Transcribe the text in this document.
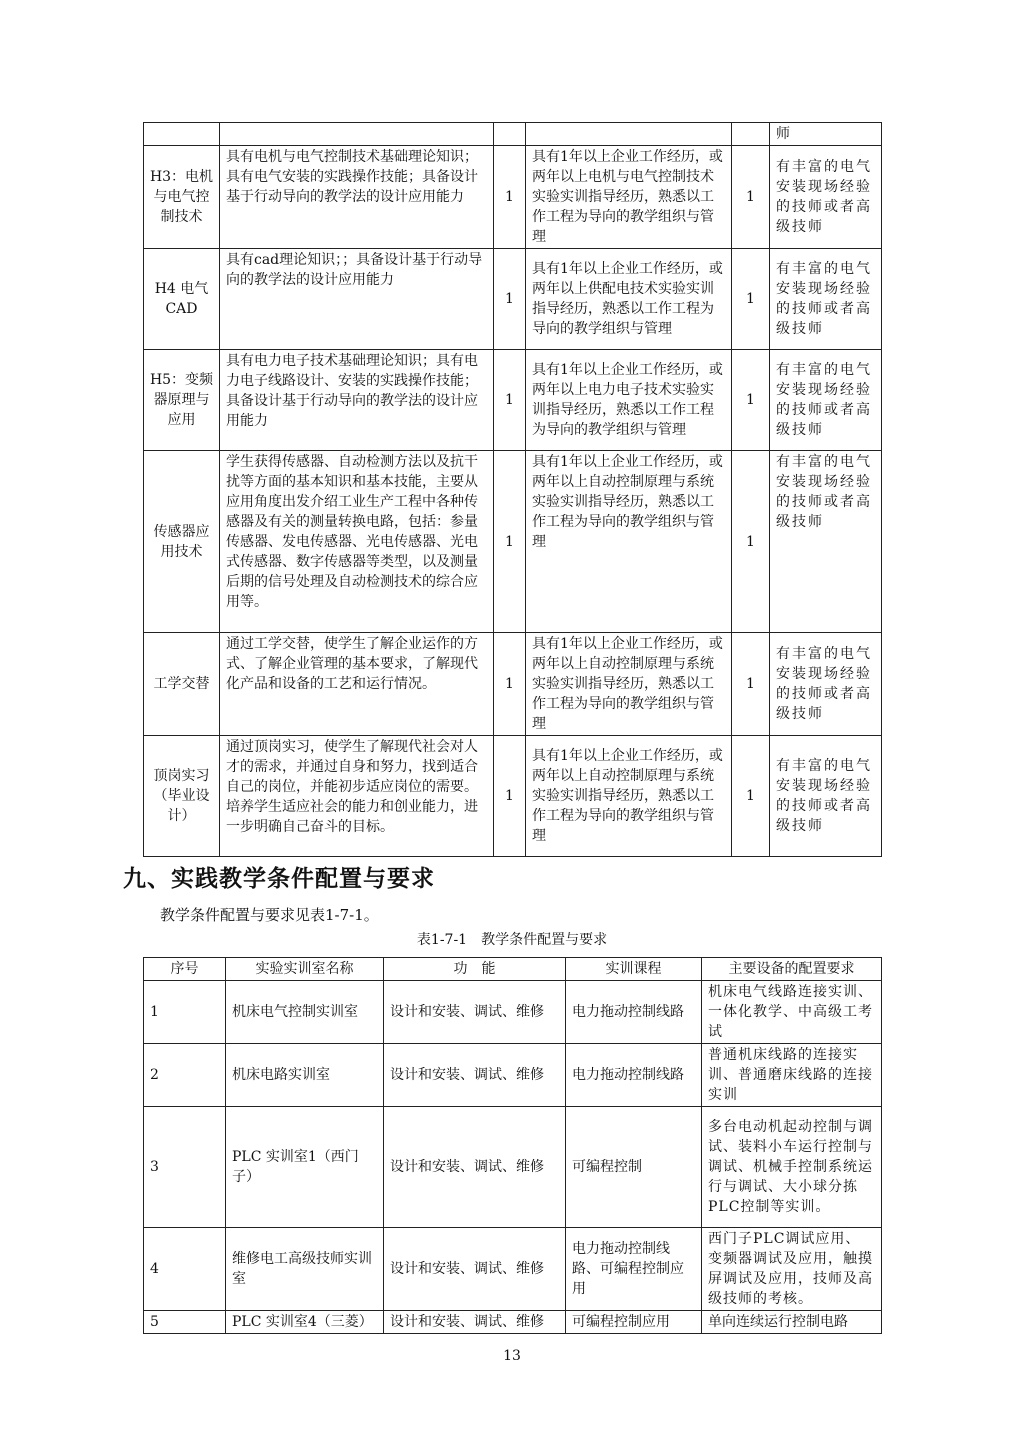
					师
H3：电机与电气控制技术	具有电机与电气控制技术基础理论知识；具有电气安装的实践操作技能；具备设计基于行动导向的教学法的设计应用能力	1	具有1年以上企业工作经历，或两年以上电机与电气控制技术实验实训指导经历，熟悉以工作工程为导向的教学组织与管理	1	有丰富的电气安装现场经验的技师或者高级技师
H4 电气CAD	具有cad理论知识；；具备设计基于行动导向的教学法的设计应用能力	1	具有1年以上企业工作经历，或两年以上供配电技术实验实训指导经历，熟悉以工作工程为导向的教学组织与管理	1	有丰富的电气安装现场经验的技师或者高级技师
H5：变频器原理与应用	具有电力电子技术基础理论知识；具有电力电子线路设计、安装的实践操作技能；具备设计基于行动导向的教学法的设计应用能力	1	具有1年以上企业工作经历，或两年以上电力电子技术实验实训指导经历，熟悉以工作工程为导向的教学组织与管理	1	有丰富的电气安装现场经验的技师或者高级技师
传感器应用技术	学生获得传感器、自动检测方法以及抗干扰等方面的基本知识和基本技能，主要从应用角度出发介绍工业生产工程中各种传感器及有关的测量转换电路，包括：参量传感器、发电传感器、光电传感器、光电式传感器、数字传感器等类型，以及测量后期的信号处理及自动检测技术的综合应用等。	1	具有1年以上企业工作经历，或两年以上自动控制原理与系统实验实训指导经历，熟悉以工作工程为导向的教学组织与管理	1	有丰富的电气安装现场经验的技师或者高级技师
工学交替	通过工学交替，使学生了解企业运作的方式、了解企业管理的基本要求，了解现代化产品和设备的工艺和运行情况。	1	具有1年以上企业工作经历，或两年以上自动控制原理与系统实验实训指导经历，熟悉以工作工程为导向的教学组织与管理	1	有丰富的电气安装现场经验的技师或者高级技师
顶岗实习（毕业设计）	通过顶岗实习，使学生了解现代社会对人才的需求，并通过自身和努力，找到适合自己的岗位，并能初步适应岗位的需要。培养学生适应社会的能力和创业能力，进一步明确自己奋斗的目标。	1	具有1年以上企业工作经历，或两年以上自动控制原理与系统实验实训指导经历，熟悉以工作工程为导向的教学组织与管理	1	有丰富的电气安装现场经验的技师或者高级技师
九、实践教学条件配置与要求

教学条件配置与要求见表1-7-1。

表1-7-1　教学条件配置与要求

序号	实验实训室名称	功　能	实训课程	主要设备的配置要求
1	机床电气控制实训室	设计和安装、调试、维修	电力拖动控制线路	机床电气线路连接实训、一体化教学、中高级工考试
2	机床电路实训室	设计和安装、调试、维修	电力拖动控制线路	普通机床线路的连接实训、普通磨床线路的连接实训
3	PLC 实训室1（西门子）	设计和安装、调试、维修	可编程控制	多台电动机起动控制与调试、装料小车运行控制与调试、机械手控制系统运行与调试、大小球分拣PLC控制等实训。
4	维修电工高级技师实训室	设计和安装、调试、维修	电力拖动控制线路、可编程控制应用	西门子PLC调试应用、变频器调试及应用，触摸屏调试及应用，技师及高级技师的考核。
5	PLC 实训室4（三菱）	设计和安装、调试、维修	可编程控制应用	单向连续运行控制电路

13
